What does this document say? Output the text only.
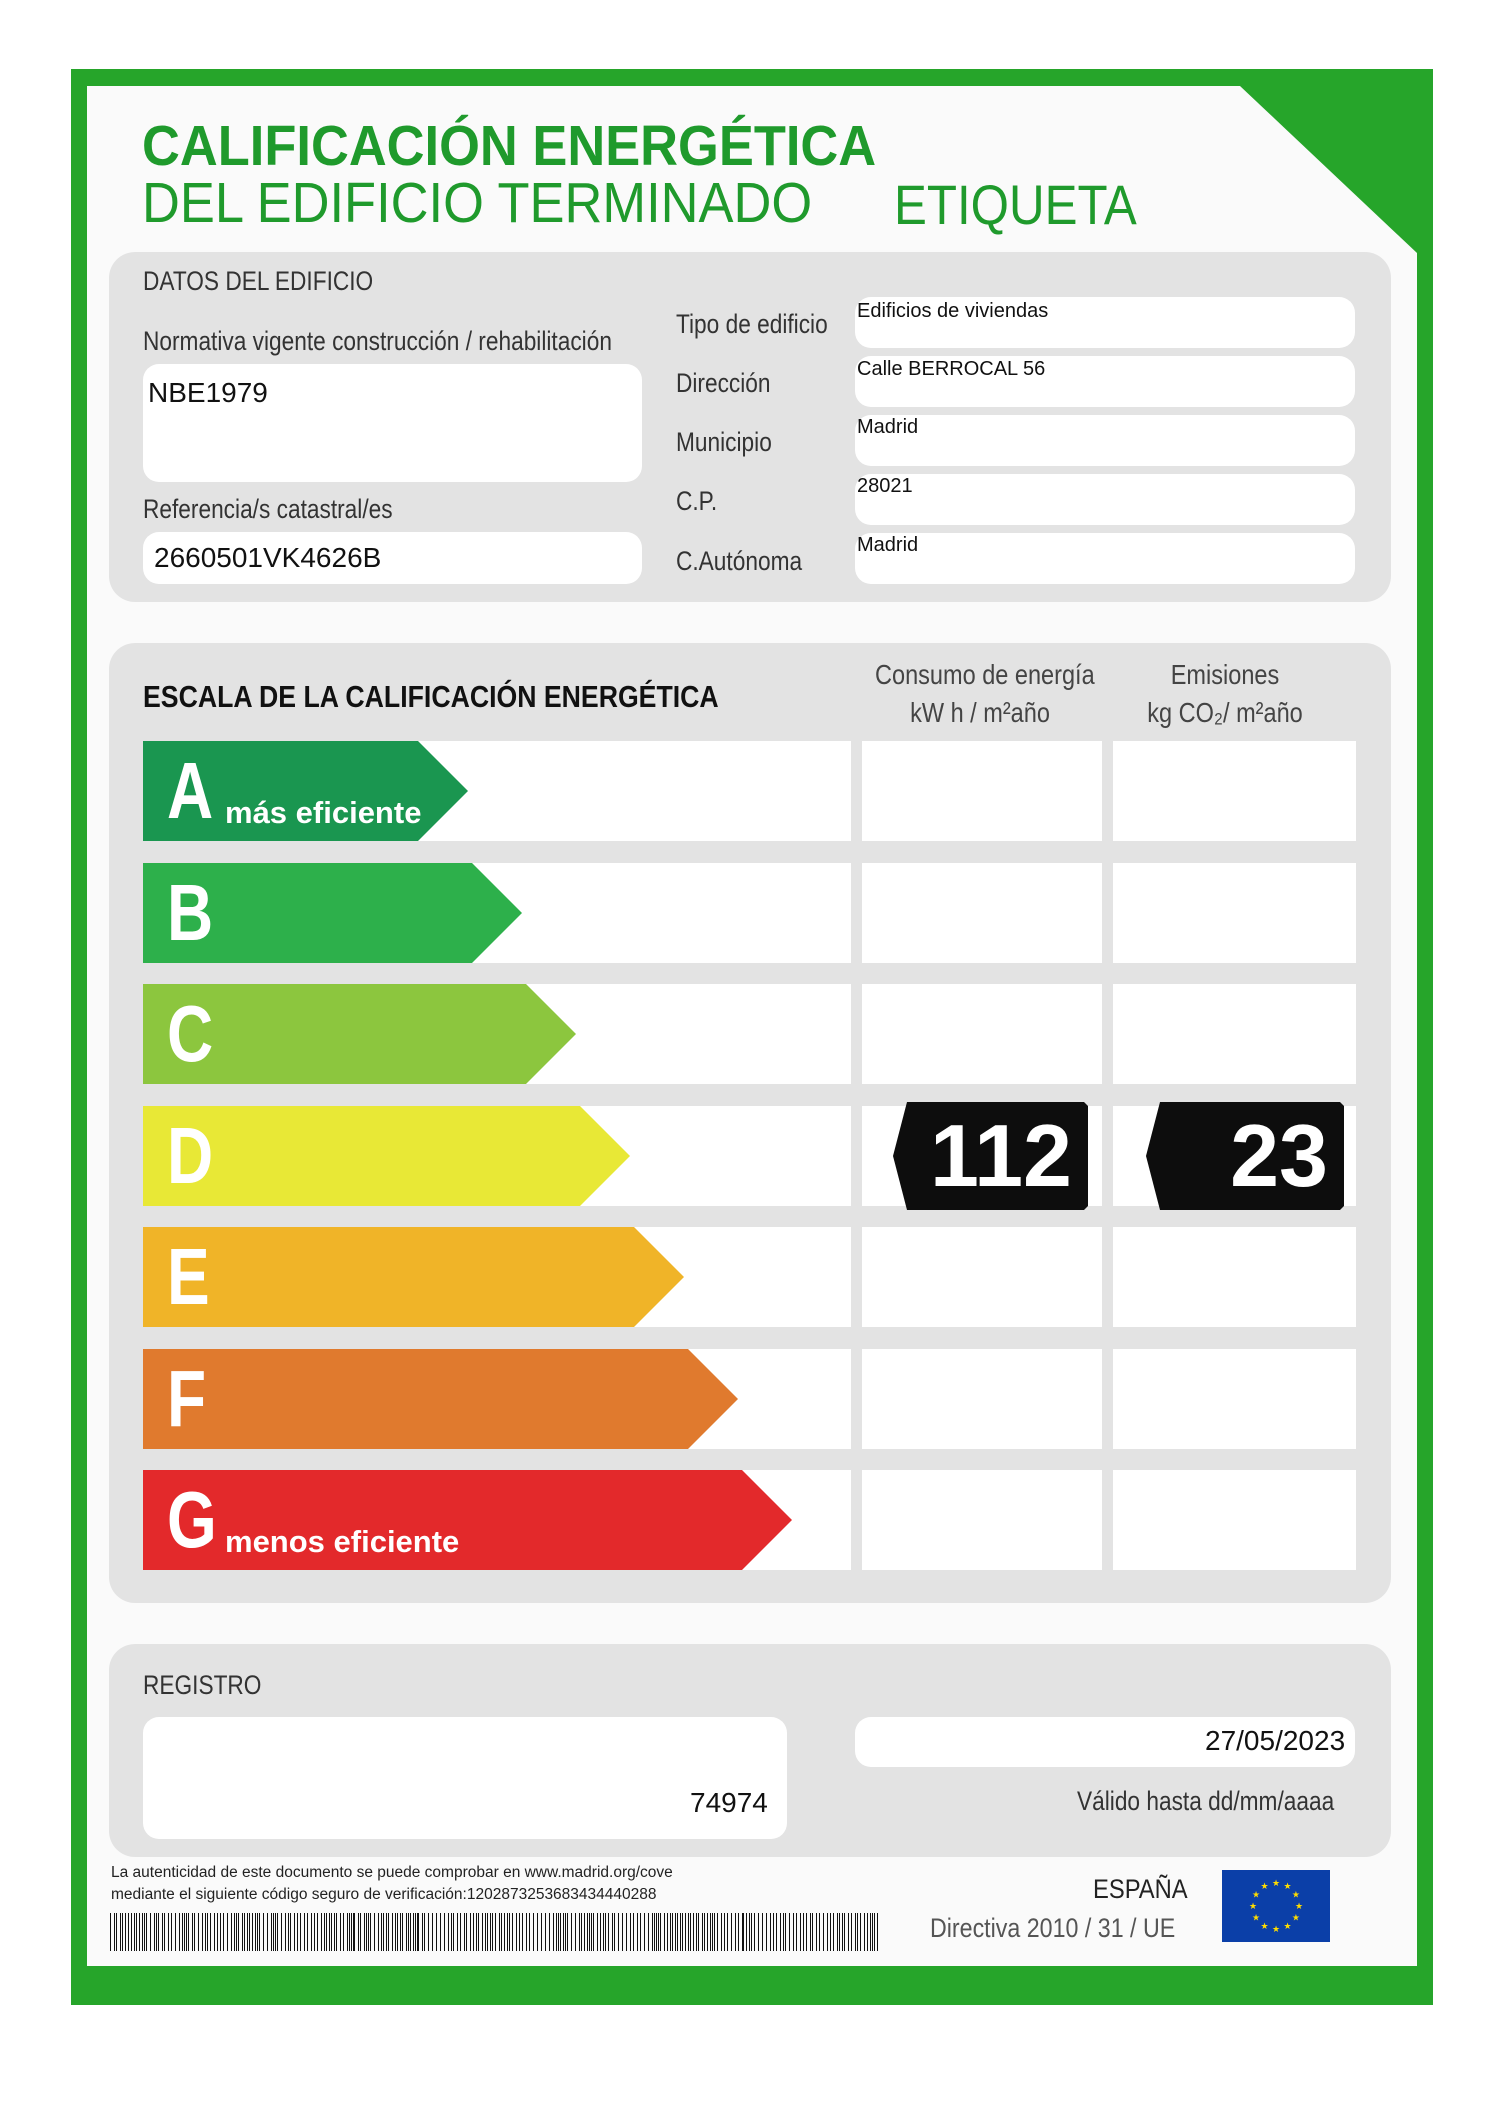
CALIFICACIÓN ENERGÉTICA
DEL EDIFICIO TERMINADO ETIQUETA
DATOS DEL EDIFICIO
Normativa vigente construcción / rehabilitación
NBE1979
Referencia/s catastral/es
2660501VK4626B
Tipo de edificio Edificios de viviendas
Dirección	Calle BERROCAL 56
Municipio	Madrid
C.P.	28021
C.Autónoma
Madrid
ESCALA DE LA CALIFICACIÓN ENERGÉTICA
Consumo de energía
kW h / m²año
Emisiones
kg CO₂/ m²año
A más eficiente
B
C
D	112 23
E
F
G menos eficiente
REGISTRO
74974
27/05/2023
Válido hasta dd/mm/aaaa
La autenticidad de este documento se puede comprobar en www.madrid.org/cove
mediante el siguiente código seguro de verificación:1202873253683434440288	ESPAÑA
Directiva 2010 / 31 / UE
★ ★
★
★
★
★
★
★
★
★
★
★
